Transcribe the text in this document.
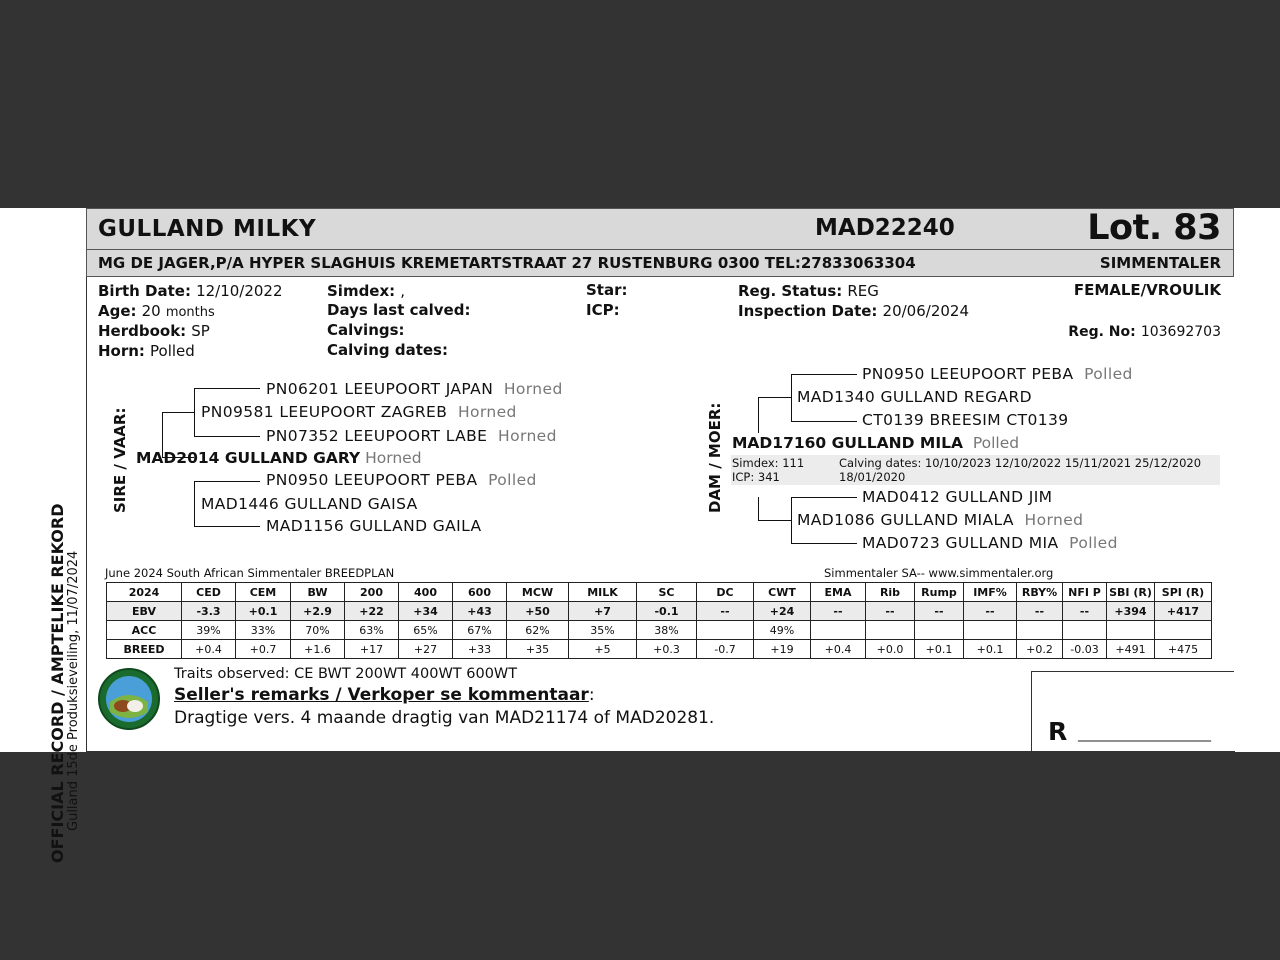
OFFICIAL RECORD / AMPTELIKE REKORD Gulland 15de Produksieveiling, 11/07/2024
GULLAND MILKY	MAD22240	Lot. 83
MG DE JAGER,P/A HYPER SLAGHUIS KREMETARTSTRAAT 27 RUSTENBURG 0300 TEL:27833063304	SIMMENTALER
Birth Date: 12/10/2022
Age: 20 months
Herdbook: SP
Horn: Polled
Simdex: ,
Days last calved:
Calvings:
Calving dates:
Star:
ICP:
Reg. Status: REG
Inspection Date: 20/06/2024
FEMALE/VROULIK
Reg. No: 103692703
SIRE / VAAR:
PN06201 LEEUPOORT JAPAN Horned
PN09581 LEEUPOORT ZAGREB Horned
PN07352 LEEUPOORT LABE Horned
MAD2014 GULLAND GARY Horned
PN0950 LEEUPOORT PEBA Polled
MAD1446 GULLAND GAISA
MAD1156 GULLAND GAILA
DAM / MOER:
PN0950 LEEUPOORT PEBA Polled
MAD1340 GULLAND REGARD
CT0139 BREESIM CT0139
MAD17160 GULLAND MILA Polled
Simdex: 111
ICP: 341
Calving dates: 10/10/2023 12/10/2022 15/11/2021 25/12/2020
18/01/2020
MAD0412 GULLAND JIM
MAD1086 GULLAND MIALA Horned
MAD0723 GULLAND MIA Polled
June 2024 South African Simmentaler BREEDPLAN	Simmentaler SA-- www.simmentaler.org
2024	CED	CEM	BW	200	400	600	MCW	MILK	SC	DC	CWT	EMA	Rib	Rump	IMF%	RBY%	NFI P	SBI (R)	SPI (R)
EBV	-3.3	+0.1	+2.9	+22	+34	+43	+50	+7	-0.1	--	+24	--	--	--	--	--	--	+394	+417
ACC	39%	33%	70%	63%	65%	67%	62%	35%	38%		49%								
BREED	+0.4	+0.7	+1.6	+17	+27	+33	+35	+5	+0.3	-0.7	+19	+0.4	+0.0	+0.1	+0.1	+0.2	-0.03	+491	+475
Traits observed: CE BWT 200WT 400WT 600WT
Seller's remarks / Verkoper se kommentaar:
Dragtige vers. 4 maande dragtig van MAD21174 of MAD20281.	R ___________________
